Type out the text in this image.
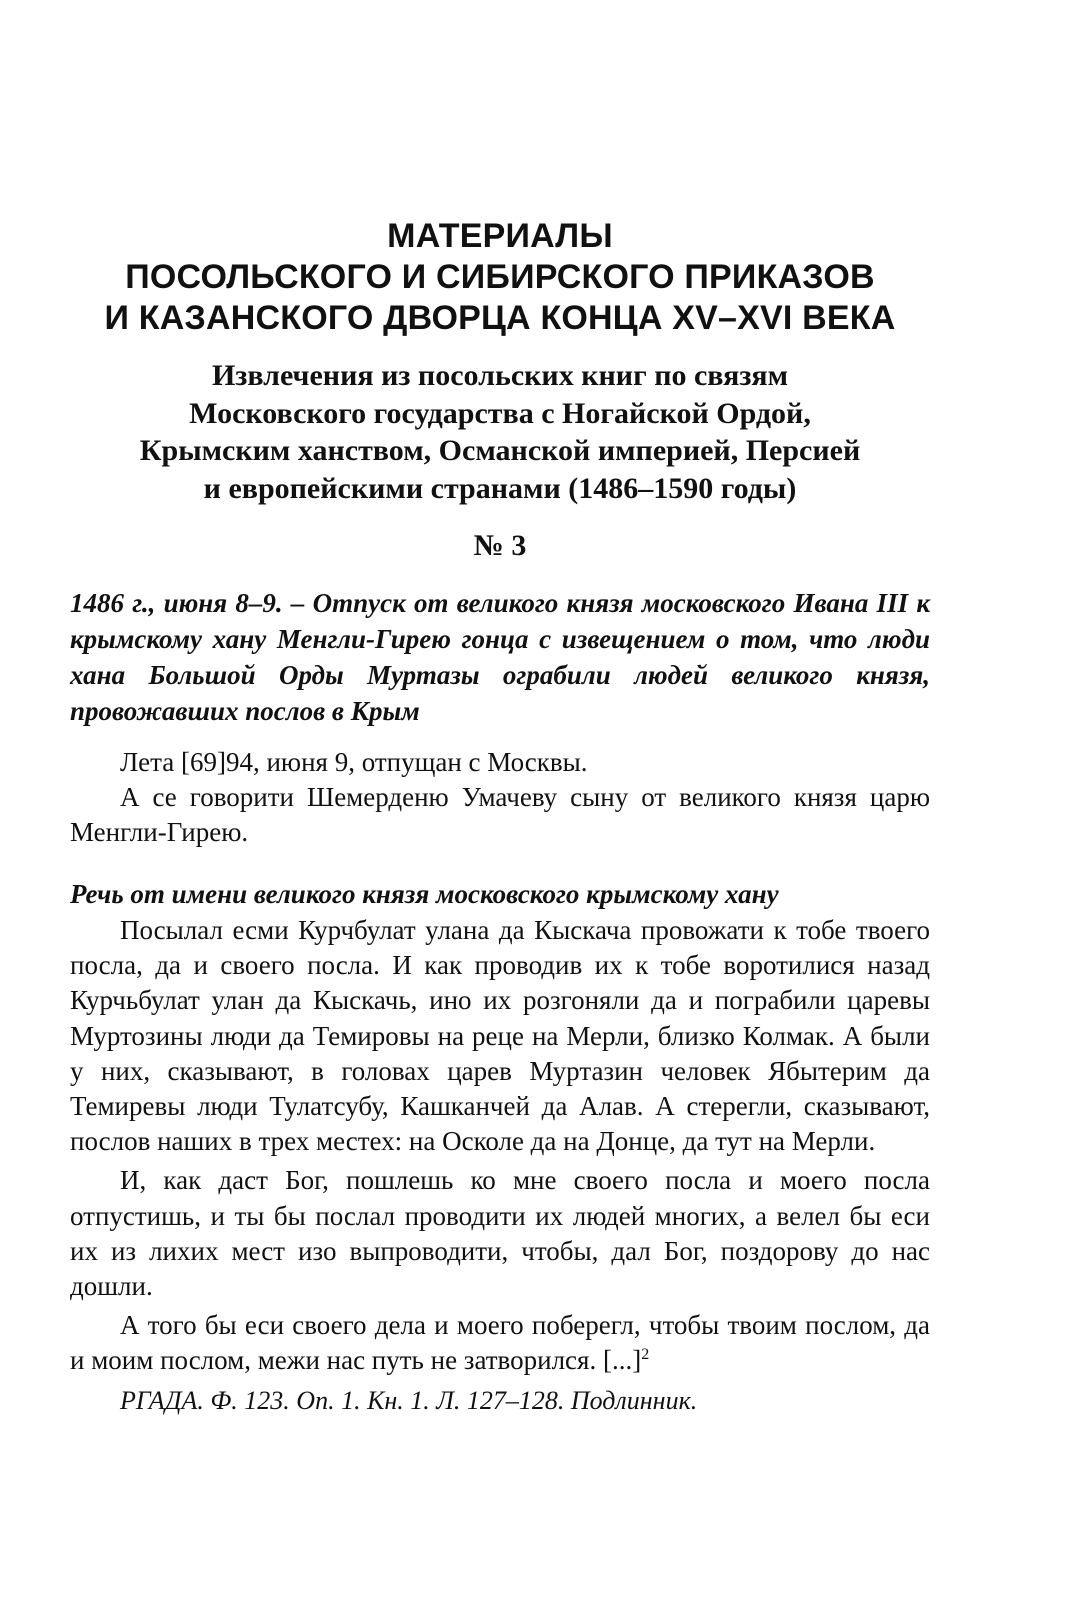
МАТЕРИАЛЫ
ПОСОЛЬСКОГО И СИБИРСКОГО ПРИКАЗОВ
И КАЗАНСКОГО ДВОРЦА КОНЦА XV–XVI ВЕКА
Извлечения из посольских книг по связям
Московского государства с Ногайской Ордой,
Крымским ханством, Османской империей, Персией
и европейскими странами (1486–1590 годы)
№ 3
1486 г., июня 8–9. – Отпуск от великого князя московского Ивана III к крымскому хану Менгли-Гирею гонца с извещением о том, что люди хана Большой Орды Муртазы ограбили людей великого князя, провожавших послов в Крым

Лета [69]94, июня 9, отпущан с Москвы.

А се говорити Шемерденю Умачеву сыну от великого князя царю Менгли-Гирею.

Речь от имени великого князя московского крымскому хану

Посылал есми Курчбулат улана да Кыскача провожати к тобе твоего посла, да и своего посла. И как проводив их к тобе воротилися назад Курчьбулат улан да Кыскачь, ино их розгоняли да и пограбили царевы Муртозины люди да Темировы на реце на Мерли, близко Колмак. А были у них, сказывают, в головах царев Муртазин человек Ябытерим да Темиревы люди Тулатсубу, Кашканчей да Алав. А стерегли, сказывают, послов наших в трех местех: на Осколе да на Донце, да тут на Мерли.

И, как даст Бог, пошлешь ко мне своего посла и моего посла отпустишь, и ты бы послал проводити их людей многих, а велел бы еси их из лихих мест изо выпроводити, чтобы, дал Бог, поздорову до нас дошли.

А того бы еси своего дела и моего поберегл, чтобы твоим послом, да и моим послом, межи нас путь не затворился. [...]$^2$

РГАДА. Ф. 123. Оп. 1. Кн. 1. Л. 127–128. Подлинник.
